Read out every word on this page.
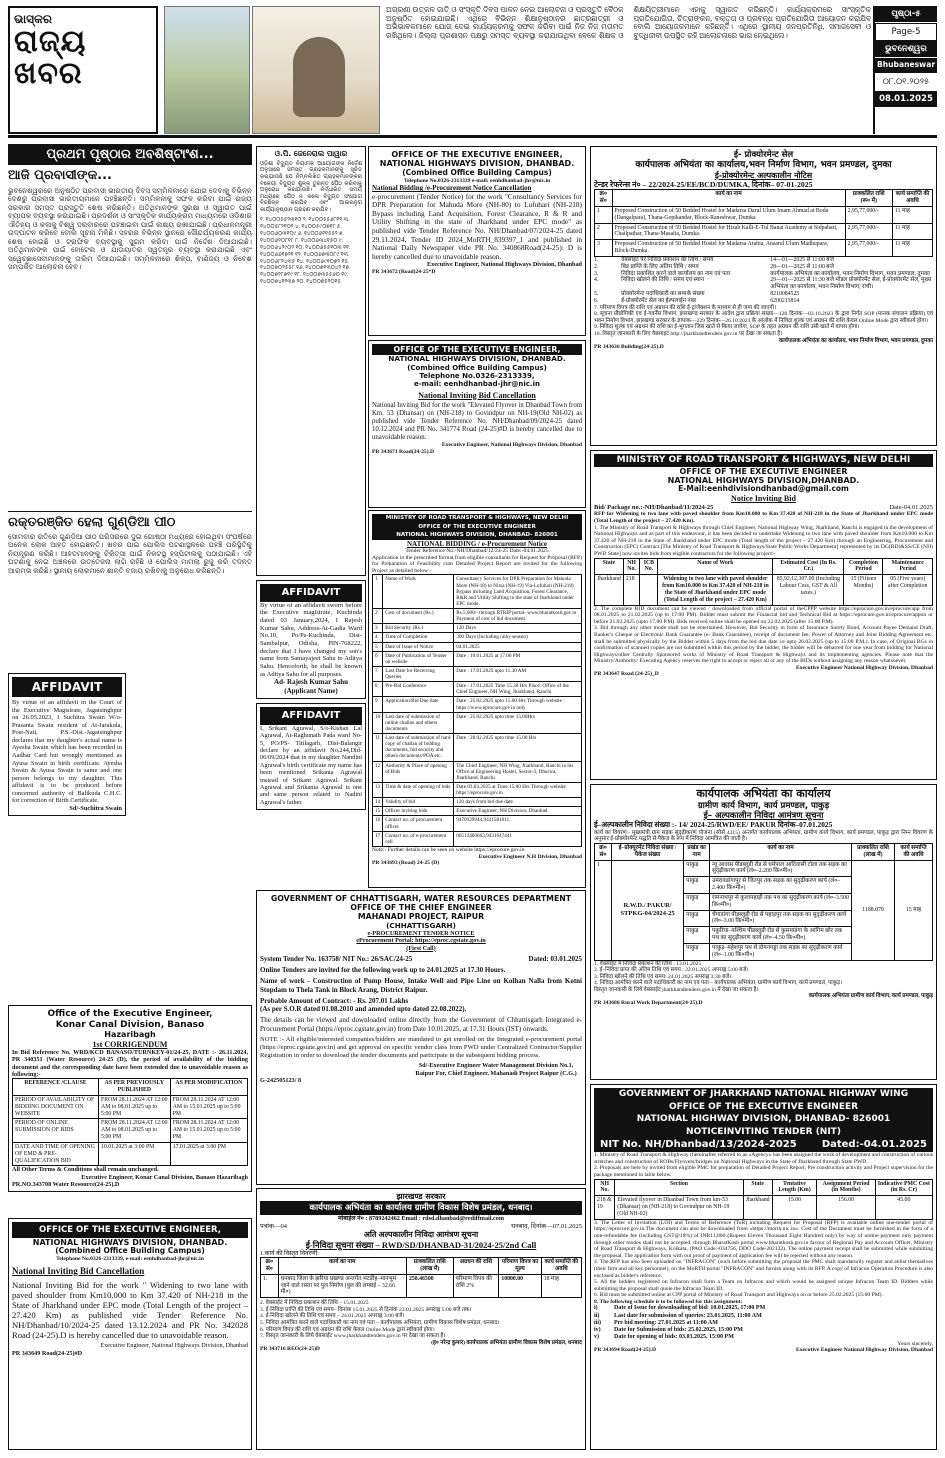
ଭାସ୍କର
ରାଜ୍ୟ
ଖବର
ଅଗ୍ରଣୀ ଉତ୍କଳ ଜାତି ଓ ସଂସ୍କୃତି ଦିବସ ପାଳନ ନେଇ ଆଲୋଚନା ଓ ପ୍ରସ୍ତୁତି ବୈଠକ ଅନୁଷ୍ଠିତ ହୋଇଯାଇଛି। ଏଥିରେ ବିଭିନ୍ନ ଶିକ୍ଷାନୁଷ୍ଠାନର ଛାତ୍ରଛାତ୍ରୀ ଓ ଅଭିଭାବକମାନେ ଯୋଗ ଦେଇ କାର୍ଯ୍ୟକ୍ରମକୁ ସଫଳ କରିବା ପାଇଁ ନିଜ ନିଜ ମତାମତ ରଖିଥିଲେ। ଜିଲ୍ଲା ପ୍ରଶାସନ ପକ୍ଷରୁ ସମସ୍ତ ବ୍ୟବସ୍ଥା କରାଯାଉଥିବା ବେଳେ ଶିକ୍ଷକ ଓ ଶିକ୍ଷୟିତ୍ରୀମାନେ ଏହାକୁ ସ୍ୱାଗତ କରିଛନ୍ତି। କାର୍ଯ୍ୟକ୍ରମରେ ସାଂସ୍କୃତିକ ପ୍ରତିଯୋଗିତା, ଚିତ୍ରାଙ୍କନ, ବକ୍ତୃତା ଓ ପ୍ରବନ୍ଧ ପ୍ରତିଯୋଗିତା ଆୟୋଜନ କରାଯିବ ବୋଲି ଆୟୋଜକମାନେ କହିଛନ୍ତି। ଏଥିରେ ସ୍ଥାନୀୟ ଜନପ୍ରତିନିଧି, ସମାଜସେବୀ ଓ ବୁଦ୍ଧିଜୀବୀ ଉପସ୍ଥିତ ରହି ଆଲୋଚନାରେ ଭାଗ ନେଇଥିଲେ।
ପୃଷ୍ଠା-୫
Page-5
ଭୁବନେଶ୍ୱର
Bhubaneswar
୦୮.୦୧.୨୦୨୫
08.01.2025
ପ୍ରଥମ ପୃଷ୍ଠାର ଅବଶିଷ୍ଟାଂଶ...
ଆଜି ପ୍ରବାସୀଙ୍କ...
ଭୁବନେଶ୍ୱରରେ ଅନୁଷ୍ଠିତ ପ୍ରବାସୀ ଭାରତୀୟ ଦିବସ ସମ୍ମିଳନୀରେ ଯୋଗ ଦେବାକୁ ବିଭିନ୍ନ ଦେଶରୁ ପ୍ରବାସୀ ଭାରତୀୟମାନେ ପହଞ୍ଚିଛନ୍ତି। ସମ୍ମିଳନୀକୁ ସଫଳ କରିବା ପାଇଁ ରାଜ୍ୟ ସରକାର ସମସ୍ତ ପ୍ରସ୍ତୁତି ଶେଷ କରିଛନ୍ତି। ଅତିଥିମାନଙ୍କ ସୁରକ୍ଷା ଓ ସ୍ୱାଗତ ପାଇଁ ବ୍ୟାପକ ବ୍ୟବସ୍ଥା କରାଯାଇଛି। ପ୍ରଦର୍ଶନୀ ଓ ସାଂସ୍କୃତିକ କାର୍ଯ୍ୟକ୍ରମ ମାଧ୍ୟମରେ ଓଡ଼ିଶାର ଐତିହ୍ୟ ଓ କଳାକୁ ବିଶ୍ୱ ଦରବାରରେ ପହଞ୍ଚାଇବା ପାଇଁ ଲକ୍ଷ୍ୟ ରଖାଯାଇଛି। ପ୍ରଧାନମନ୍ତ୍ରୀ ଉଦ୍‌ଘାଟନ କରିବେ ବୋଲି ସୂଚନା ମିଳିଛି। ସହରର ବିଭିନ୍ନ ସ୍ଥାନରେ ସୌନ୍ଦର୍ଯ୍ୟକରଣ କାର୍ଯ୍ୟ ଶେଷ ହୋଇଛି ଓ ଟ୍ରାଫିକ ବ୍ୟବସ୍ଥାକୁ ସୁଗମ କରିବା ପାଇଁ ନିର୍ଦ୍ଦେଶ ଦିଆଯାଇଛି। ଅତିଥିମାନଙ୍କ ପାଇଁ ହୋଟେଲ ଓ ଯାତାୟାତର ସ୍ୱତନ୍ତ୍ର ବ୍ୟବସ୍ଥା କରାଯାଇଛି ଏବଂ ସ୍ୱେଚ୍ଛାସେବୀମାନଙ୍କୁ ତାଲିମ ଦିଆଯାଇଛି। ସମ୍ମିଳନୀରେ ଶିଳ୍ପ, ବାଣିଜ୍ୟ ଓ ନିବେଶ ସମ୍ପର୍କିତ ଆଲୋଚନା ହେବ।
ରକ୍ତରଞ୍ଜିତ ହେଲା ଗୁଣ୍ଡିଆ ପୀଠ
ସୋମବାର ରାତିରେ ଗୁଣ୍ଡିଆ ପୀଠ ପରିସରରେ ଦୁଇ ଗୋଷ୍ଠୀ ମଧ୍ୟରେ ହୋଇଥିବା ସଂଘର୍ଷରେ ଅନେକ ଲୋକ ଆହତ ହୋଇଛନ୍ତି। ଖବର ପାଇ ପୋଲିସ ଘଟଣାସ୍ଥଳରେ ପହଞ୍ଚି ପରିସ୍ଥିତିକୁ ନିୟନ୍ତ୍ରଣ କରିଛି। ଆହତମାନଙ୍କୁ ଚିକିତ୍ସା ପାଇଁ ନିକଟସ୍ଥ ହସ୍ପିଟାଲକୁ ପଠାଯାଇଛି। ଏହି ଘଟଣାକୁ ନେଇ ଅଞ୍ଚଳରେ ଉତ୍ତେଜନା ଲାଗି ରହିଛି ଓ ପୋଲିସ ମାମଲା ରୁଜୁ କରି ତଦନ୍ତ ଆରମ୍ଭ କରିଛି। ସ୍ଥାନୀୟ ଲୋକମାନେ ଶାନ୍ତି ବଜାୟ ରଖିବାକୁ ଅନୁରୋଧ କରିଛନ୍ତି।
AFFIDAVIT
By virtue of an affidavit in the Court of the Executive Magistrate, Jagatsinghpur on 26.05.2023, I Suchitra Swain W/o- Prasanta Swain resident of At-Jarakula, Post-Nati, P.S.-Dist.-Jagatsinghpur declares that my daughter's actual name is Ayesha Swain which has been recorded in Aadhar Card but wrongly mentioned as Ayusa Swain in birth certificate. Ayesha Swain & Ayusa Swain is same and one person belongs to my daughter. This affidavit is to be produced before concerned authority of Balikuda C.H.C. for correction of Birth Certificate.
Sd/-Suchitra Swain
ଓ.ପି. ଜେନେରାଲ ପାୱାର
ଓଡ଼ିଶା ବିଦ୍ୟୁତ ନିୟାମକ ଆୟୋଗଙ୍କ ନିର୍ଦ୍ଦେଶ ଅନୁସାରେ ସମସ୍ତ ଗ୍ରାହକମାନଙ୍କୁ ସୂଚିତ କରାଯାଉଛି ଯେ ନିମ୍ନଲିଖିତ ଗ୍ରାହକମାନଙ୍କର ବକେୟା ବିଦ୍ୟୁତ ଶୁଳ୍କ ତୁରନ୍ତ ପୈଠ କରିବାକୁ ଅନୁରୋଧ କରାଯାଉଛି। ନିର୍ଦ୍ଧାରିତ ସମୟ ମଧ୍ୟରେ ପୈଠ ନ କଲେ ବିଦ୍ୟୁତ ସଂଯୋଗ ବିଚ୍ଛିନ୍ନ କରାଯିବ ଏବଂ ଆଇନାନୁଗ କାର୍ଯ୍ୟାନୁଷ୍ଠାନ ଗ୍ରହଣ କରାଯିବ।
୧. ୧୪୦୦୫୫୨୩୧୦ ୨. ୧୪୦୦୫୫୬୮୧୧ ୩. ୧୪୦୦୫୮୨୧୦୨ ୪. ୧୪୦୦୫୯୦୭୧୮ ୫. ୧୪୦୦୬୦୩୧୦୯ ୬. ୧୪୦୦୬୧୧୫୫୨ ୭. ୧୪୦୦୬୨୦୮୧୮ ୮. ୧୪୦୦୬୩୪୧୫୦ ୯. ୧୪୦୦୬୪୨୯୦୨ ୧୦. ୧୪୦୦୬୫୫୧୦୩ ୧୧. ୧୪୦୦୬୬୧୭୨୧ ୧୨. ୧୪୦୦୬୭୩୦୮୯ ୧୩. ୧୪୦୦୬୮୨୪୩୫ ୧୪. ୧୪୦୦୬୯୧୦୭୨ ୧୫. ୧୪୦୦୭୦୨୫୫୮ ୧୬. ୧୪୦୦୭୧୩୦୪୨ ୧୭. ୧୪୦୦୭୨୮୭୧୯ ୧୮. ୧୪୦୦୭୩୫୫୬୦ ୧୯. ୧୪୦୦୭୪୧୨୩୭ ୨୦. ୧୪୦୦୭୫୨୦୧୫
AFFIDAVIT
By virtue of an affidavit sworn before the Executive magistrate, Kuchinda dated 03 January,2024, I Rajesh Kumar Sahu, Address-At-Gadia Ward No.10, Po/Ps-Kuchinda, Dist-Sambalpur, Odisha, PIN-768222, declare that I have changed my son's name from Samayajeet Sahu to Aditya Sahu. Henceforth, he shall be known as Aditya Sahu for all purposes.
Ad- Rajesh Kumar Sahu (Applicant Name)
AFFIDAVIT
I, Srikant Agrawal, S/o-Kishan Lal Agrawal, At-Raghunath Pada ward No-5, PO/PS- Titilagarh, Dist-Balangir declare by an affidavit No.244,Dtd-06/09/2024 that in my daughter Nandini Agrawal's birth certificate my name has been mentioned Srikanta Agrawal instead of Srikant Agrawal. Srikant Agrawal and Srikanta Agrawal is one and same person related to Nadini Agrawal's father.
Office of the Executive Engineer,
Konar Canal Division, Banaso
Hazaribagh
1st CORRIGENDUM
In Bid Reference No. WRD/KCD BANASO/TURNKEY-01/24-25, DATE :- 26.11.2024, PR 340351 (Water Resource) 24-25 (D), the period of availability of the bidding document and the corresponding date have been extended due to unavoidable reason as following:-
REFERENCE /CLAUSE	AS PER PREVIOUSLY PUBLISHED	AS PER MODIFICATION
PERIOD OF AVAILABILITY OF BIDDING DOCUMENT ON WEBSITE	FROM 28.11.2024 AT 12:00 AM to 08.01.2025 up to 5:00 PM	FROM 28.11.2024 AT 12:00 AM to 15.01.2025 up to 5:00 PM
PERIOD OF ONLINE SUBMISSION OF BIDS	FROM 28.11.2024 AT 12:00 AM to 08.01.2025 up to 5:00 PM	FROM 28.11.2024 AT 12:00 AM to 15.01.2025 up to 5:00 PM
DATE AND TIME OF OPENING OF EMD & PRE-QUALIFICATION BID	10.01.2025 at 3:00 PM	17.01.2025 at 3:00 PM
All Other Terms & Conditions shall remain unchanged.
Executive Engineer, Konar Canal Division, Banaso Hazaribagh
PR.NO.343708 Water Resource(24-25).D
OFFICE OF THE EXECUTIVE ENGINEER,
NATIONAL HIGHWAYS DIVISION, DHANBAD.
(Combined Office Building Campus)
Telephone No.0326-2313339, e-mail: eenhdhanbad-jhr@nic.in
National Inviting Bid Cancellation
National Inviting Bid for the work " Widening to two lane with paved shoulder from Km10.000 to Km 37.420 of NH-218 in the State of Jharkhand under EPC mode (Total Length of the project – 27.420 Km) as published vide Tender Reference No. NH/Dhanbad/10/2024-25 dated 13.12.2024 and PR No. 342028 Road (24-25).D is hereby cancelled due to unavoidable reason.
Executive Engineer, National Highways Division, Dhanbad
PR 343649 Road(24-25)#D
OFFICE OF THE EXECUTIVE ENGINEER, NATIONAL HIGHWAYS DIVISION, DHANBAD.
(Combined Office Building Campus)
Telephone No.0326-2313339 e-mail: eenhdhanbad-jhr@nic.in
National Bidding /e-Procurement Notice Cancellation
e-procurement (Tender Notice) for the work "Consultancy Services for DPR Preparation for Mahuda More (NH-80) to Lufuhari (NH-218) Bypass including Land Acquisition, Forest Clearance, R & R and Utility Shifting in the state of Jharkhand under EPC mode" as published vide Tender Reference No. NH/Dhanbad/07/2024-25 dated 29.11.2024, Tender ID 2024_MoRTH_839397_1 and published in National Daily Newspaper vide PR No. 340868Road(24-25): D is hereby cancelled due to unavoidable reason.
Executive Engineer, National Highways Division, Dhanbad
PR 343672 (Road)24-25*D
OFFICE OF THE EXECUTIVE ENGINEER,
NATIONAL HIGHWAYS DIVISION, DHANBAD.
(Combined Office Building Campus)
Telephone No.0326-2313339,
e-mail: eenhdhanbad-jhr@nic.in
National Inviting Bid Cancellation
National Inviting Bid for the work "Elevated Flyover in Dhanbad Town from Km. 53 (Dhansar) on (NH-218) to Govindpur on NH-19(Old NH-02) as published vide Tender Reference No. NH/Dhanbad/09/2024-25 dated 10.12.2024 and PR No. 341774 Road (24-25)#D is hereby cancelled due to unavoidable reason.
Executive Engineer, National Highways Division, Dhanbad
PR 343671 Road(24-25).D
MINISTRY OF ROAD TRANSPORT & HIGHWAYS, NEW DELHI
OFFICE OF THE EXECUTIVE ENGINEER
NATIONAL HIGHWAYS DIVISION, DHANBAD- 826001
NATIONAL BIDDING / e-Procurement Notice
Tender Reference No:-NH/Dhanbad/12/24-25 Date:-04.01.2025
Application in the prescribed format from eligible consultants for Request for Proposal (RFP) for Preparation of Feasibility cum Detailed Project Report are invited for the following Project as detailed below:-
1	Name of Work	Consultancy Services for DPR Preparation for Mahuda More (NH-18) to Nirsa (NH-19) Via-Lufuhari (NH-218) Bypass including Land Acquisition, Forest Clearance, R&R and Utility Shifting in the state of Jharkhand under EPC mode.
2	Cost of document (Rs.)	Rs.5,000/- through RTRIP portal- www.bharatkosh.gov.in Payment of cost of bid document.
3	Bid Security (Rs.)	120 Days
4	Time of Completion	300 Days (Including rainy season)
5	Date of Issue of Notice	04.01.2025
6	Date of Publication of Tender on website	Date : 10.01.2025 at 17.00 PM
7	Last Date for Receiving Queries	Date : 17.01.2025 upto 11.30 AM
8	Pre-Bid Conference	Date : 17.01.2025 Time 15.30 Hrs Place: Office of the Chief Engineer, NH Wing, Jharkhand, Ranchi
9	Application/Bid Due date	Date : 25.02.2025 upto 15.00 Hrs Through website : https://www.eprocure.gov.in only
10	Last date of submission of online challan and others documents	Date : 25.02.2025 upto time 15.00Hrs
11	Last date of submission of hard copy of challan of bidding documents, bid security and others documents/POA etc.	Date : 28.02.2025 upto time 15.00 Hrs
12	Authority & Place of opening of Bids	The Chief Engineer, NH Wing, Jharkhand, Ranchi in his Office at Engineering Hostel, Sector-3, Dhurwa, Jharkhand, Ranchi.
13	Time & date of opening of bids	Date 03.03.2025 at Time 15:00 Hrs Through website https://eprocure.gov.in
14	Validity of bid	120 days from bid due date
15	Officer inviting bids	Executive Engineer, NH Division, Dhanbad
16	Contact no. of procurement officer	9470929944,9431581611
17	Contact no. of e-procurement cell	06512400663,9431647441
Note:- Further details can be seen on website https://eprocure.gov.in
Executive Engineer N.H Division, Dhanbad
PR 343693 (Road) 24-25 (D)
GOVERNMENT OF CHHATTISGARH, WATER RESOURCES DEPARTMENT
OFFICE OF THE CHIEF ENGINEER
MAHANADI PROJECT, RAIPUR
(CHHATTISGARH)
e-PROCUREMENT TENDER NOTICE
eProcurement Portal: https://eproc.cgstate.gov.in
(First Call)
System Tender No. 163758/ NIT No.: 26/SAC/24-25	Dated: 03.01.2025
Online Tenders are invited for the following work up to 24.01.2025 at 17.30 Hours.
Name of work - Construction of Pump House, Intake Well and Pipe Line on Kolhan Nalla from Kotni Stopdam to Thela Tank in Block Arang, District Raipur.
Probable Amount of Contract: - Rs. 207.01 Lakhs
(As per S.O.R dated 01.08.2010 and amended upto dated 22.08.2022).
The details can be viewed and downloaded online directly from the Government of Chhattisgarh Integrated e-Procurement Portal (https://eproc.cgstate.gov.in) from Date 10.01.2025, at 17.31 Hours (IST) onwards.
NOTE :- All eligible/interested companies/bidders are mandated to get enrolled on the Integrated e-procurement portal (https://eproc.cgstate.gov.in) and get approval on specific vendor class from PWD under Centralized Contractor/Supplier Registration in order to download the tender documents and participate in the subsequent bidding process.
Sd/-Executive Engineer Water Management Division No.1, Raipur For, Chief Engineer, Mahanadi Project Raipur (C.G.)
G-242505123/ 8
झारखण्ड सरकार
कार्यपालक अभियंता का कार्यालय ग्रामीण विकास विशेष प्रमंडल, धनबाद।
मोबाईल नं० : 8789242462 Email : rdsd.dhanbad@rediffmail.com
पत्रांक—04	धनबाद, दिनांक—07.01.2025
अति अल्पकालीन निविदा आमंत्रण सूचना
ई-निविदा सूचना संख्या – RWD/SD/DHANBAD-31/2024-25/2nd Call
1.कार्य की विस्तृत विवरणी:
क्र० सं०	कार्य का नाम	प्राक्कलित राशि (लाख में)	अग्रधन की राशि	परिमाण विपत्र का मूल्य	कार्य समाप्ति की अवधि
1.	धनबाद जिला के झरिया प्रखण्ड अन्तर्गत भटडीह–मानभुम जाने वाले रास्ता पर पुल निर्माण (पुल की लम्बाई – 32.66 मी०)	258.46500	परिमाण विपत्र की राशि 2%	10000.00	18 माह
2. वेबसाईट में निविदा प्रकाशन की तिथि – 15.01.2025
3. ई-निविदा प्राप्ति की तिथि एवं समय– दिनांक 15.01.2025 से दिनांक 23.01.2025 अपराह्न 5:00 बजे तक।
4. ई-निविदा खोलने की तिथि एवं समय – 24.01.2025 अपराह्न 3:00 बजे।
5. निविदा आमंत्रित करने वाले पदाधिकारी का नाम एवं पता – कार्यपालक अभियंता, ग्रामीण विकास विशेष प्रमंडल, धनबाद।
6. परिमाण विपत्र की राशि एवं अग्रधन की राशि केवल Online Mode द्वारा स्वीकार्य होगा।
7. विस्तृत जानकारी के लिये वेबसाईट www.jharkhandtenders.gov.in पर देखा जा सकता है।
(ह० नरेन्द्र कुमार) कार्यपालक अभियंता ग्रामीण विकास विशेष प्रमंडल, धनबाद
PR 343716 REO(24-25)D
ई- प्रोक्योरमेन्ट सेल
कार्यपालक अभियंता का कार्यालय,भवन निर्माण विभाग, भवन प्रमण्डल, दुमका
ई-प्रोक्योरमेन्ट अल्पकालीन नोटिस
टेन्डर रेफरेन्स नं० – 22/2024-25/EE/BCD/DUMKA, दिनांक– 07-01-2025
क्र० सं०	कार्य का नाम	प्राक्कलित राशि (रू० में)	कार्य समाप्ति की अवधि
1	Proposed Construction of 50 Bedded Hostel for Madarsa Darul Ulum Imam Ahmad at Boda (Dangalpara), Thana-Gopikandar, Block-Raneshwar, Dumka	2,95,77,000/-	11 माह
2	Proposed Construction of 50 Bedded Hostel for Hizab Kalli-E-Tul Banat Academy at Sidpahari, Chailpathar, Thana-Masalia, Dumka.	2,95,77,000/-	11 माह
3	Proposed Construction of 50 Bedded Hostel for Madarsa Arabia, Ansarul Ulum Madhupara, Block-Dumka.	2,95,77,000/-	11 माह
1.	वेबसाइट पर निविदा प्रकाशन की तिथि / समय	14—01—2025 से 11:00 बजे
2.	बिड प्राप्ति के लिए अंतिम तिथि / समय	28—01—2025 से 11:00 बजे
3.	निविदा प्रकाशित करने वाले कार्यालय का नाम एवं पता	कार्यपालक अभियंता का कार्यालय, भवन निर्माण विभाग, भवन प्रमण्डल, दुमका
4.	निविदा खोलने की तिथि / समय एवं स्थान	29—01—2025 से 11:30 बजे मोडल प्रोक्योरमेंट सेल, ई-प्रोक्योरमेंट सेल, मुख्य अभियंता का कार्यालय, भवन निर्माण विभाग, रांची।
5.	प्रोक्योरमेन्ट पदाधिकारी का सम्पर्क संख्या	8210084525
6.	ई-प्रोक्योरमेंट सेल का हेल्पलाईन नंबर	6200213814
7. परिमाण विपत्र की राशि एवं अग्रधन की राशि ई-ट्रांजेक्शन के माध्यम से ही जमा की जाएगी।
8. सूचना प्रौद्योगिकी एवं ई-गवर्नेंस विभाग, झारखण्ड सरकार के आदेश द्वारा प्रक्रिया संख्या—120 दिनांक—03.10.2023 के द्वारा निर्गत SOP (मानक संचालन प्रक्रिया) एवं भवन निर्माण विभाग, झारखण्ड सरकार के ज्ञापांक—229 दिनांक—26.10.2023 के आलोक में निविदा शुल्क एवं अग्रधन की राशि केवल Online Mode द्वारा स्वीकार्य होगा।
9. निविदा शुल्क एवं अग्रधन की राशि का ई-भुगतान जिस खाते से किया जायेगा, SOP के तहत अग्रधन की राशि उसी खाते में वापस होगा।
10. विस्तृत जानकारी के लिए वेबसाइट http://jharkhandtenders.gov.in पर देखा जा सकता है।
कार्यपालक अभियंता का कार्यालय, भवन निर्माण विभाग, भवन प्रमण्डल, दुमका
PR 343636 Building(24-25).D
MINISTRY OF ROAD TRANSPORT & HIGHWAYS, NEW DELHI
OFFICE OF THE EXECUTIVE ENGINEER
NATIONAL HIGHWAYS DIVISION,DHANBAD.
E-Mail:eenhdivisiondhanbad@gmail.com
Notice Inviting Bid
Bid/ Package no.:-NH/Dhanbad/11/2024-25	Date-04.01.2025
RFP for Widening to two lane with paved shoulder from Km10.000 to Km 37.420 of NH-218 in the State of Jharkhand under EPC mode (Total Length of the project – 27.420 Km).
1. The Ministry of Road Transport & Highways through Chief Engineer, National Highway Wing, Jharkhand, Ranchi is engaged in the development of National Highways and as part of this endeavour, it has been decided to undertake Widening to two lane with paved shoulder from Km10.000 to Km 37.420 of NH-218 in the State of Jharkhand under EPC mode (Total length of the project – 27.420 Km) through an Engineering, Procurement and Construction (EPC) Contract.[The Ministry of Road Transport & Highways/State Public Works Department] represented by its DG(RD)&SS/CE (NH) PWD State] now invites bids from eligible contractors for the following project:-
State	NH No.	ICB No.	Name of Work	Estimated Cost (In Rs. Cr.)	Completion Period	Maintenance Period
Jharkhand	218		Widening to two lane with paved shoulder from Km10.000 to Km 37.420 of NH-218 in the State of Jharkhand under EPC mode (Total Length of the project – 27.420 Km)	85,92,12,307.00 (Including Labour Cess, GST & All taxes.)	15 (Fifteen Months)	05 (Five years) after Completion
2. The complete BID document can be viewed / downloaded from official portal of theCPPP website https://eprocure.gov.in/eprocure/app from 08.01.2025 to 21.02.2025 (up to 17:00 PM). Bidder must submit the Financial bid and Technical Bid at https://eprocure.gov.in/eprocure/appon or before 21.02.2025 (upto 17.00 P.M). Bids received online shall be opened on 22.02.2025 (after 15:00 P.M).
3. Bid through any other mode shall not be entertained. However, Bid Security in form of Insurance Surety Bond, Account Payee Demand Draft, Banker's Cheque or Electronic Bank Guarantee (e- Bank Guarantee), receipt of document fee, Power of Attorney and Joint Bidding Agreement etc. shall be submitted physically by the Bidder within 5 days from the bid due date i.e upto 26.02.2025 (up to 15:00 P.M.). In case, of Original BGs in confirmation of scanned copies are not submitted within this period by the bidder, the bidder will be debarred for one year from bidding for National Highways/other Centrally Sponsored works of Ministry of Road Transport & Highways and its implementing agencies. Please note that the Ministry/Authority/ Executing Agency reserves the right to accept or reject all or any of the BIDs without assigning any reason whatsoever.
Executive Engineer National Highway Division, Dhanbad
PR 343647 Road (24-25)_D
कार्यपालक अभियंता का कार्यालय
ग्रामीण कार्य विभाग, कार्य प्रमण्डल, पाकुड़
ई– अल्पकालीन निविदा आमंत्रण सूचना
ई–अल्पकालीन निविदा संख्या :- 14/ 2024-25/RWD/EE/ PAKUR दिनांक–07.01.2025
कार्य का विवरण:- मुख्यमंत्री ग्राम सड़क सुदृढ़ीकरण योजना (सोर्स 4315) अन्तर्गत कार्यपालक अभियंता, ग्रामीण कार्य विभाग, कार्य प्रमण्डल, पाकुड़ द्वारा निम्न विवरण के अनुसार ई-प्रोक्योरमेन्ट पद्धति से पैकेज के रूप में निविदा आमंत्रित की जाती है।
क्र० सं०	ई–प्रोक्यूरमेंट निविदा संख्या / पैकेज संख्या	प्रखंड का नाम	कार्य का नाम	प्राक्कलित राशि (लाख में)	कार्य समाप्ति की अवधि
1	R.W.D./ PAKUR/ STPKG-04/2024-25	पाकुड़	न्यू आवास पीडब्लूडी रोड से धर्मपाल आदिवासी टोला तक सड़क का सुदृढ़ीकरण कार्य (लं०–2.200 कि०मी०)	1188.079	15 माह
		पाकुड़	उमरावडांगापुर से जितपुर तक सड़क का सुदृढ़ीकरण कार्य (लं०–2.400 कि०मी०)		
		पाकुड़	रामनाथपुर से कुलापहाड़ी तक पथ का सुदृढ़ीकरण कार्य (लं०–3.500 कि०मी०)		
		पाकुड़	चेंगाडांगा पीडब्लूडी रोड से पहाड़पुर तक सड़क का सुदृढ़ीकरण कार्य (लं०–3.00 कि०मी०)		
		पाकुड़	पकुरिया–पश्चिम पीडब्लूडी रोड से कुसमाडंगा के आगिम छोर तक पथ का सुदृढ़ीकरण कार्य (लं०–4.50 कि०मी०)		
		पाकुड़	पाकुड़–महेशपुर पथ से डोमनगड्डा तक सड़क का सुदृढ़ीकरण कार्य (लं०–1.00 कि०मी०)		
1. वेबसाईट में निविदा प्रकाशन की तिथि : 13.01.2025
2. ई–निविदा प्राप्त की अंतिम तिथि एवं समय : 22.01.2025 अपराह्न 5:00 बजे।
3. निविदा खोलने की तिथि एवं समय: 24.01.2025 अपराह्न 3:30 बजे।
4. निविदा आमंत्रित करने वाले पदाधिकारी का नाम एवं पता – कार्यपालक अभियंता, ग्रामीण कार्य विभाग, कार्य प्रमण्डल, पाकुड़।
विस्तृत जानकारी के लिये वेबसाईट jharkhandtenders.gov.in में देखा जा सकता है।
कार्यपालक अभियंता ग्रामीण कार्य विभाग, कार्य प्रमण्डल, पाकुड़
PR 343686 Rural Work Department(24-25).D
GOVERNMENT OF JHARKHAND NATIONAL HIGHWAY WING
OFFICE OF THE EXECUTIVE ENGINEER
NATIONAL HIGHWAY DIVISION, DHANBAD- 826001
NOTICEINVITING TENDER (NIT)
NIT No. NH/Dhanbad/13/2024-2025	Dated:-04.01.2025
1. Ministry of Road Transport & Highway (hereinafter referred to as «Agency» has been assigned the work of development and construction of various stretches and construction of ROBs/Flyovers/bridges on National Highways in the State of Jharkhand through State PWD.
2. Proposals are here by invited from eligible PMC for preparation of Detailed Project Report, Pre construction activity and Project supervision for the package mentioned in table below.
NH No.	Section	State	Tentative Length (Km)	Assignment Period (in Months)	Indicative PMC Cost (in Rs. Cr)
218 & 19	Elevated flyover in Dhanbad Town from km-53 (Dhansar) on (NH-218) to Govindpur on NH-19 (Old NH-02)	Jharkhand	15.00	156.00	45.00
3. The Letter of Invitation (LOI) and Terms of Reference (ToR) including Request for Proposal (RFP) is available online one-tender portal of https://eprocure.gov.in.The document can also be downloaded from «https://morth.nic.in». Cost of the Document must be furnished in the form of a non-refundable fee (including GST@18%) of INR11,800 (Rupees Eleven Thousand Eight Hundred only) by way of online payment only payment through other modes shall not be accepted, through BharatKosh portal www.bharatkosh.gov.in favour of Regional Pay and Account Officer, Ministry of Road Transport & Highways, Kolkata. (PAO Code:-034756, DDO Code-202132). The online payment receipt shall be submitted while submitting the proposal. The application form with out proof of payment of application fee will be rejected without any reason.
4. The RFP has also been uploaded on "INFRACON" (such before submitting the proposal the PMC shall mandatorily register and enlist themselves (their firm and all key personnel), on the MoRTH portal "INFRACON" and furnish along with its RFP. A copy of Infracon Operation Procedure is also enclosed as bidder's reference.
5. All the bidders registered on Infracon shall form a Team on Infracon and which would be assigned unique Infracon Team ID. Bidders while submitting the proposal shall quote the Infracon Team ID.
6. Bid must be submitted online at CPP portal of Ministry of Road Transport and Highways on or before 25.02.2025 (15:00 PM).
8. The following schedule is to be followed for this assignment:
i)	Date of Issue for downloading of bid: 10.01.2025, 17:00 PM
ii)	Last date for submission of queries: 23.01.2025, 11:00 AM
iii)	Pre bid meeting: 27.01.2025 at 11:00 AM
iv)	Date for Submission of bids: 25.02.2025, 15:00 PM
v)	Date for opening of bids: 03.03.2025, 15:00 PM
Yours sincerely,
PR 343694 Road(24-25).D	Executive Engineer National Highway Division, Dhanbad
